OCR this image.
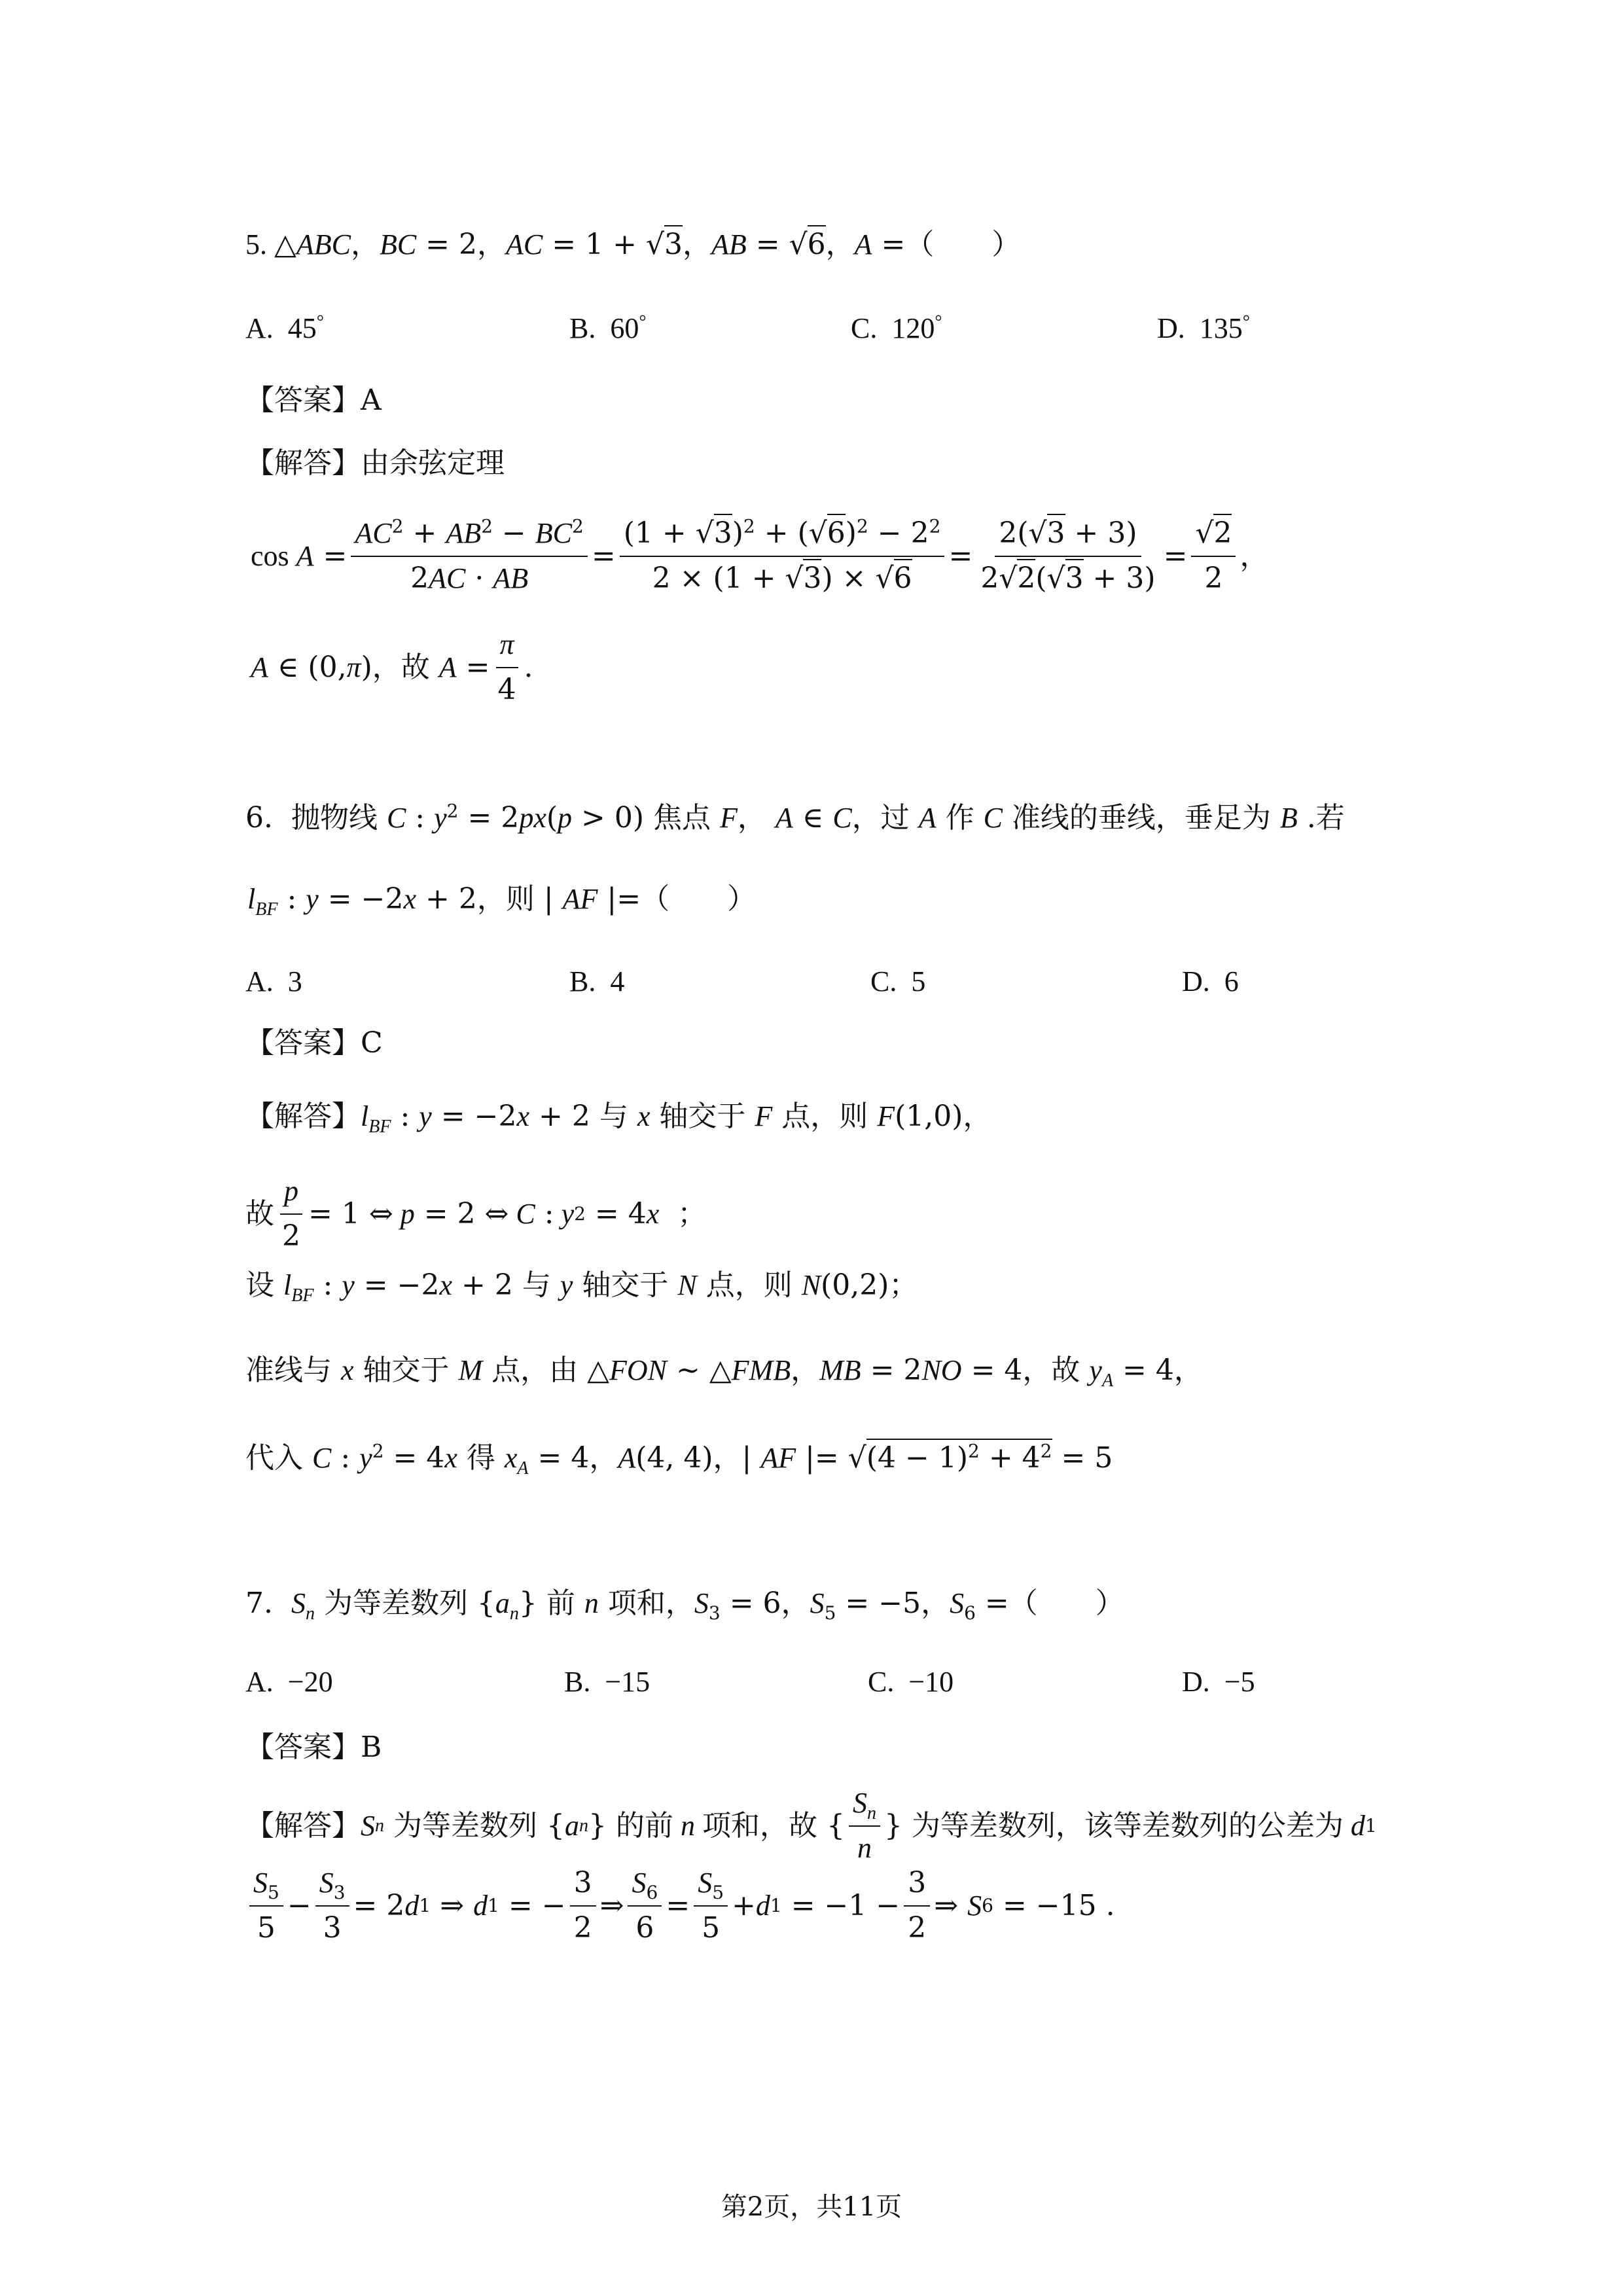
5. △ABC，BC = 2，AC = 1 + √3，AB = √6，A =（　　）
A.  45°	B.  60°	C.  120°	D.  135°
【答案】A
【解答】由余弦定理
$\cos A = \frac{AC^2 + AB^2 - BC^2}{2AC \cdot AB} = \frac{(1 + √3)^2 + (√6)^2 - 2^2}{2 \times (1 + √3) \times √6} = \frac{2(√3 + 3)}{2√2(√3 + 3)} = \frac{√2}{2}$ ，
A ∈ (0, π )，故 $A = \frac{\pi}{4}$ .
6.  抛物线 C : $y^2 = 2px(p > 0)$ 焦点 F， A ∈ C，过 A 作 C 准线的垂线，垂足为 B .若
$l_{BF}$ : y = −2x + 2，则 | AF |=（　　）
A.  3	B.  4	C.  5	D.  6
【答案】C
【解答】$l_{BF}$ : y = −2x + 2 与 x 轴交于 F 点，则 F(1,0)，
故 $\frac{p}{2} = 1$ ⇔ p = 2 ⇔ C : y 2 = 4 x ；
设 $l_{BF}$ : y = −2x + 2 与 y 轴交于 N 点，则 N(0,2)；
准线与 x 轴交于 M 点，由 △FON ~ △FMB，MB = 2NO = 4，故 $y_A = 4$，
代入 C : $y^2 = 4x$ 得 $x_A = 4$，A(4, 4)，| AF |= $√(4 - 1)^2 + 4^2 = 5$
7.  $S_n$ 为等差数列 $\{a_n\}$ 前 n 项和，$S_3 = 6$，$S_5 = -5$，$S_6$ =（　　）
A.  −20	B.  −15	C.  −10	D.  −5
【答案】B
【解答】 S n 为等差数列 { a n } 的前 n 项和，故 { $\frac{S_n}{n}$ } 为等差数列，该等差数列的公差为 d 1
$\frac{S_5}{5} - \frac{S_3}{3} = 2$ d 1 ⇒ d 1 = − $\frac{3}{2}$ ⇒ $\frac{S_6}{6} = \frac{S_5}{5} + d$ $1 = -1 - \frac{3}{2}$ ⇒ S 6 = −15 .
第2页，共11页
